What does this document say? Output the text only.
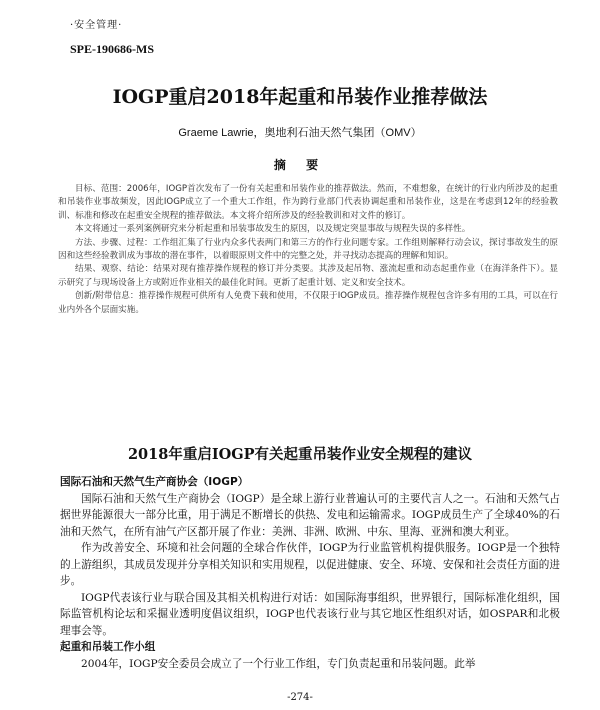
·安全管理·
SPE-190686-MS
IOGP重启2018年起重和吊装作业推荐做法
Graeme Lawrie，奥地利石油天然气集团（OMV）
摘 要

目标、范围：2006年，IOGP首次发布了一份有关起重和吊装作业的推荐做法。然而，不难想象，在统计的行业内所涉及的起重和吊装作业事故频发，因此IOGP成立了一个重大工作组，作为跨行业部门代表协调起重和吊装作业，这是在考虑到12年的经验教训、标准和修改在起重安全规程的推荐做法。本文将介绍所涉及的经验教训和对文件的修订。

本文将通过一系列案例研究来分析起重和吊装事故发生的原因，以及规定突显事故与规程失误的多样性。

方法、步骤、过程：工作组汇集了行业内众多代表两门和第三方的作行业问题专家。工作组则解释行动会议，探讨事故发生的原因和这些经验教训成为事故的潜在事件，以着眼原则文件中的完整之处，并寻找动态提高的理解和知识。

结果、观察、结论：结果对现有推荐操作规程的修订并分类要。其涉及起吊物、涨流起重和动态起重作业（在海洋条件下）。显示研究了与现场设备上方或附近作业相关的最佳化时间。更新了起重计划、定义和安全技术。

创新/附带信息：推荐操作规程可供所有人免费下载和使用，不仅限于IOGP成员。推荐操作规程包含许多有用的工具，可以在行业内外各个层面实施。

2018年重启IOGP有关起重吊装作业安全规程的建议
国际石油和天然气生产商协会（IOGP）

国际石油和天然气生产商协会（IOGP）是全球上游行业普遍认可的主要代言人之一。石油和天然气占据世界能源很大一部分比重，用于满足不断增长的供热、发电和运输需求。IOGP成员生产了全球40%的石油和天然气，在所有油气产区都开展了作业：美洲、非洲、欧洲、中东、里海、亚洲和澳大利亚。

作为改善安全、环境和社会问题的全球合作伙伴，IOGP为行业监管机构提供服务。IOGP是一个独特的上游组织，其成员发现并分享相关知识和实用规程，以促进健康、安全、环境、安保和社会责任方面的进步。

IOGP代表该行业与联合国及其相关机构进行对话：如国际海事组织，世界银行，国际标准化组织，国际监管机构论坛和采掘业透明度倡议组织，IOGP也代表该行业与其它地区性组织对话，如OSPAR和北极理事会等。

起重和吊装工作小组

2004年，IOGP安全委员会成立了一个行业工作组，专门负责起重和吊装问题。此举

-274-
